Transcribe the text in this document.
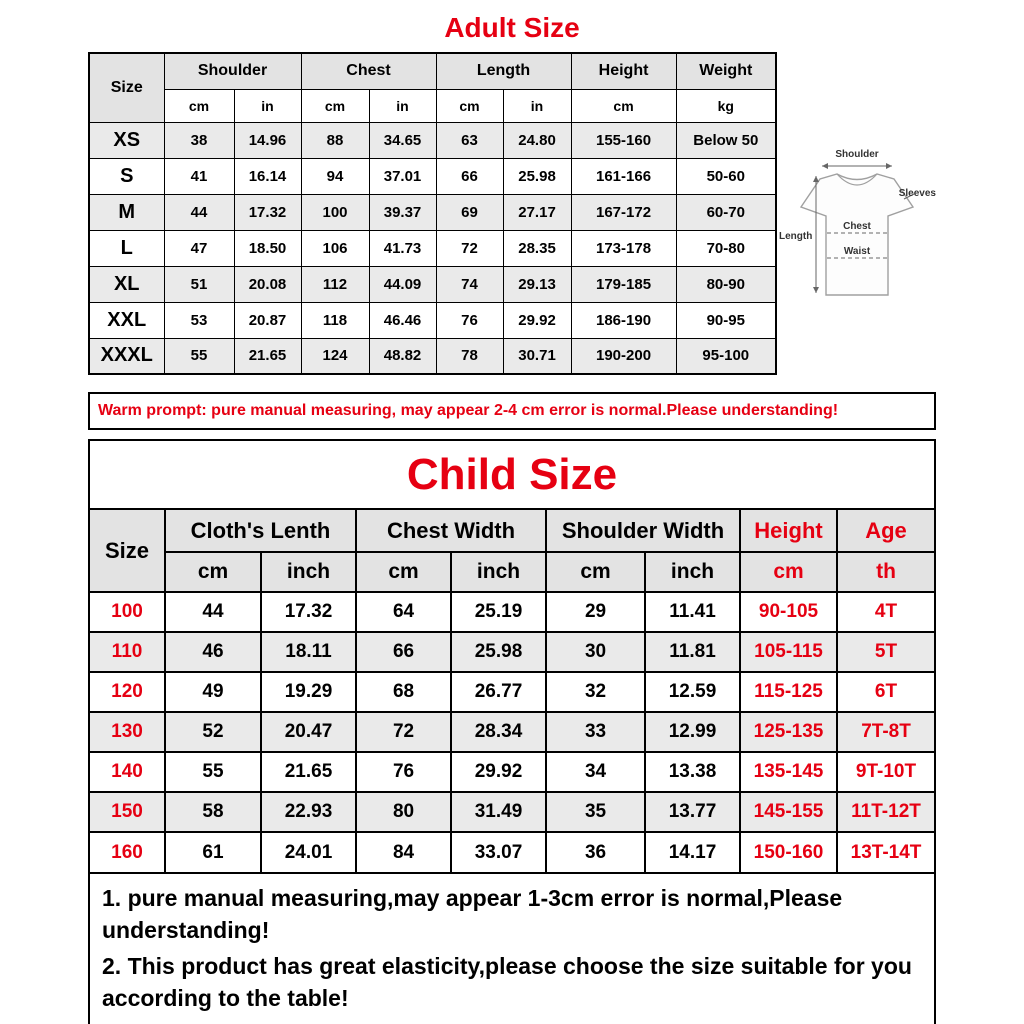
Adult Size
Size	Shoulder		Chest		Length		Height	Weight
	cm	in	cm	in	cm	in	cm	kg
XS	38	14.96	88	34.65	63	24.80	155-160	Below 50
S	41	16.14	94	37.01	66	25.98	161-166	50-60
M	44	17.32	100	39.37	69	27.17	167-172	60-70
L	47	18.50	106	41.73	72	28.35	173-178	70-80
XL	51	20.08	112	44.09	74	29.13	179-185	80-90
XXL	53	20.87	118	46.46	76	29.92	186-190	90-95
XXXL	55	21.65	124	48.82	78	30.71	190-200	95-100
Shoulder
Sleeves
Chest
Waist
Length
Warm prompt: pure manual measuring, may appear 2-4 cm error is normal.Please understanding!
Child Size
Size	Cloth's Lenth		Chest Width		Shoulder Width		Height	Age
	cm	inch	cm	inch	cm	inch	cm	th
100	44	17.32	64	25.19	29	11.41	90-105	4T
110	46	18.11	66	25.98	30	11.81	105-115	5T
120	49	19.29	68	26.77	32	12.59	115-125	6T
130	52	20.47	72	28.34	33	12.99	125-135	7T-8T
140	55	21.65	76	29.92	34	13.38	135-145	9T-10T
150	58	22.93	80	31.49	35	13.77	145-155	11T-12T
160	61	24.01	84	33.07	36	14.17	150-160	13T-14T

1. pure manual measuring,may appear 1-3cm error is normal,Please understanding!

2. This product has great elasticity,please choose the size suitable for you according to the table!
